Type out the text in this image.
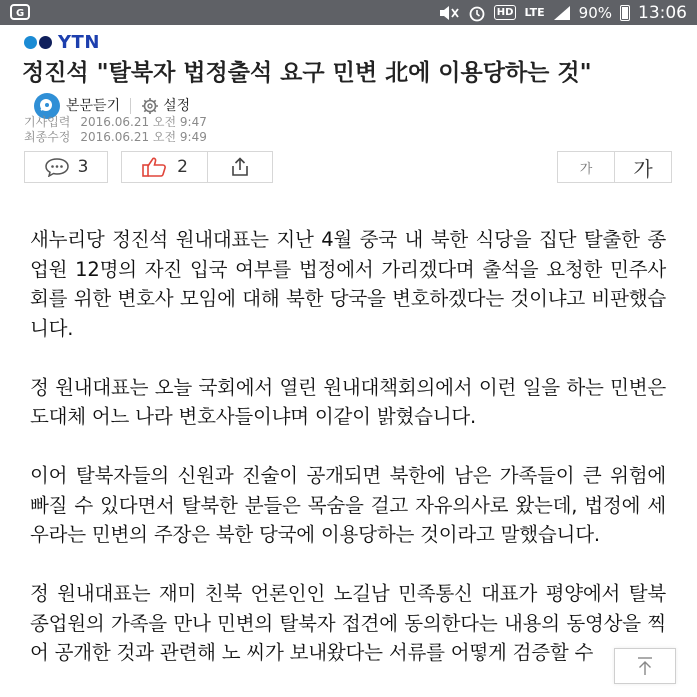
G	HD LTE 90% 13:06
YTN
정진석 "탈북자 법정출석 요구 민변 北에 이용당하는 것"
본문듣기	설정
기사입력 2016.06.21 오전 9:47
최종수정 2016.06.21 오전 9:49
3	2	가	가

새누리당 정진석 원내대표는 지난 4월 중국 내 북한 식당을 집단 탈출한 종업원 12명의 자진 입국 여부를 법정에서 가리겠다며 출석을 요청한 민주사회를 위한 변호사 모임에 대해 북한 당국을 변호하겠다는 것이냐고 비판했습니다.

정 원내대표는 오늘 국회에서 열린 원내대책회의에서 이런 일을 하는 민변은 도대체 어느 나라 변호사들이냐며 이같이 밝혔습니다.

이어 탈북자들의 신원과 진술이 공개되면 북한에 남은 가족들이 큰 위험에 빠질 수 있다면서 탈북한 분들은 목숨을 걸고 자유의사로 왔는데, 법정에 세우라는 민변의 주장은 북한 당국에 이용당하는 것이라고 말했습니다.

정 원내대표는 재미 친북 언론인인 노길남 민족통신 대표가 평양에서 탈북 종업원의 가족을 만나 민변의 탈북자 접견에 동의한다는 내용의 동영상을 찍어 공개한 것과 관련해 노 씨가 보내왔다는 서류를 어떻게 검증할 수
